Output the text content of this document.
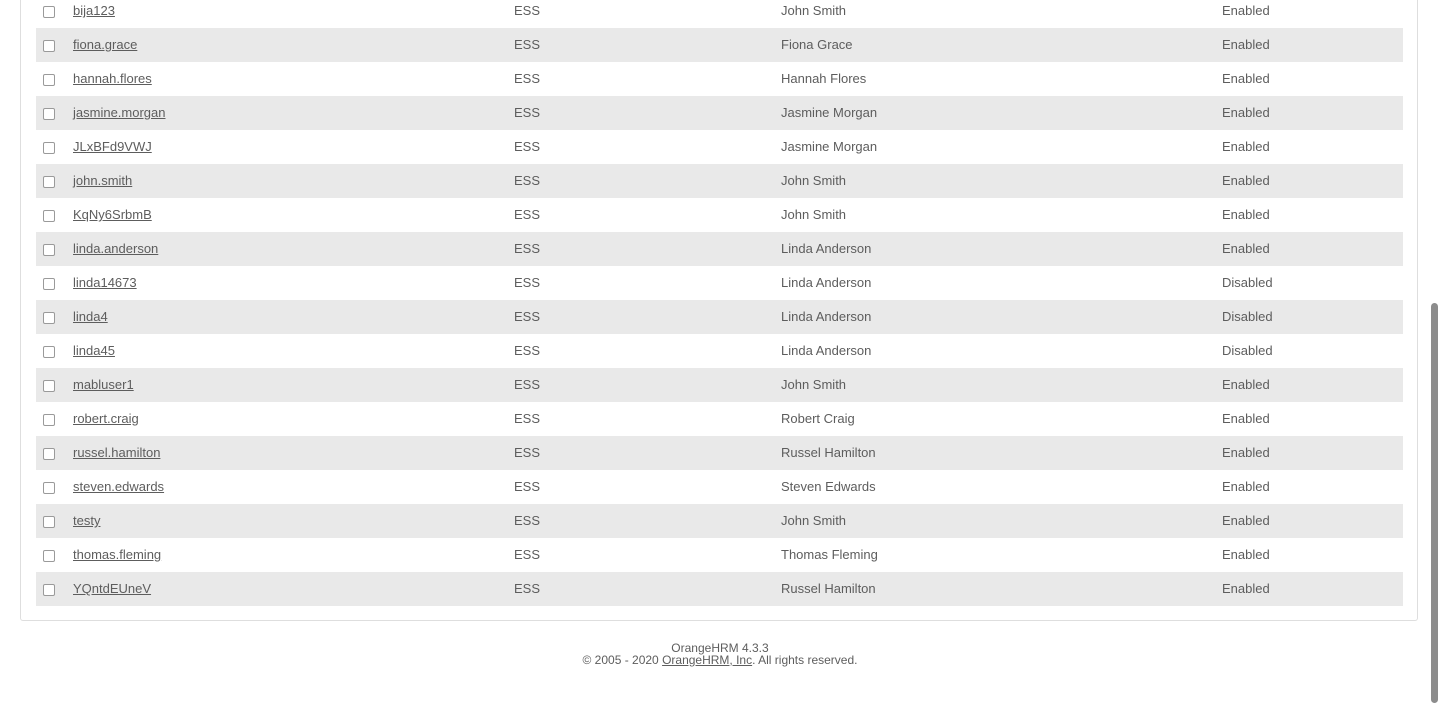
bija123	ESS	John Smith	Enabled
fiona.grace	ESS	Fiona Grace	Enabled
hannah.flores	ESS	Hannah Flores	Enabled
jasmine.morgan	ESS	Jasmine Morgan	Enabled
JLxBFd9VWJ	ESS	Jasmine Morgan	Enabled
john.smith	ESS	John Smith	Enabled
KqNy6SrbmB	ESS	John Smith	Enabled
linda.anderson	ESS	Linda Anderson	Enabled
linda14673	ESS	Linda Anderson	Disabled
linda4	ESS	Linda Anderson	Disabled
linda45	ESS	Linda Anderson	Disabled
mabluser1	ESS	John Smith	Enabled
robert.craig	ESS	Robert Craig	Enabled
russel.hamilton	ESS	Russel Hamilton	Enabled
steven.edwards	ESS	Steven Edwards	Enabled
testy	ESS	John Smith	Enabled
thomas.fleming	ESS	Thomas Fleming	Enabled
YQntdEUneV	ESS	Russel Hamilton	Enabled
OrangeHRM 4.3.3
© 2005 - 2020 OrangeHRM, Inc. All rights reserved.
